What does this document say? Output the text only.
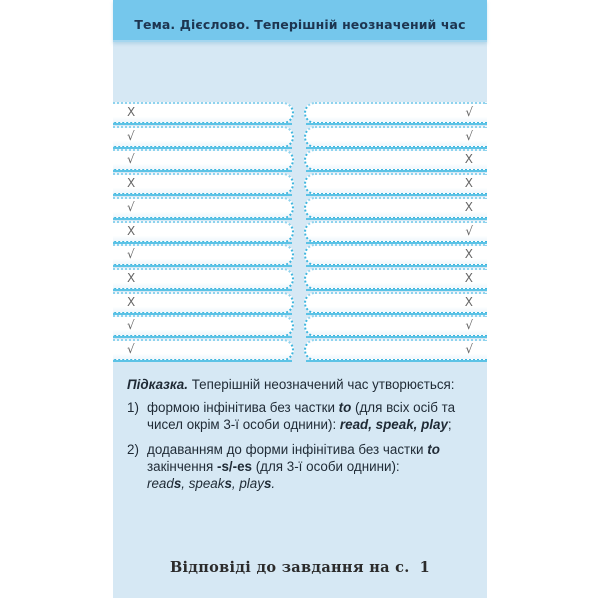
Тема. Дієслово. Теперішній неозначений час
X	√
√	√
√	X
X	X
√	X
X	√
√	X
X	X
X	X
√	√
√	√
Підказка. Теперішній неозначений час утворюється:
1) формою інфінітива без частки to (для всіх осіб та чисел окрім 3-ї особи однини): read, speak, play;
2) додаванням до форми інфінітива без частки to
закінчення -s/-es (для 3-ї особи однини):
reads, speaks, plays.
Відповіді до завдання на с. 1
